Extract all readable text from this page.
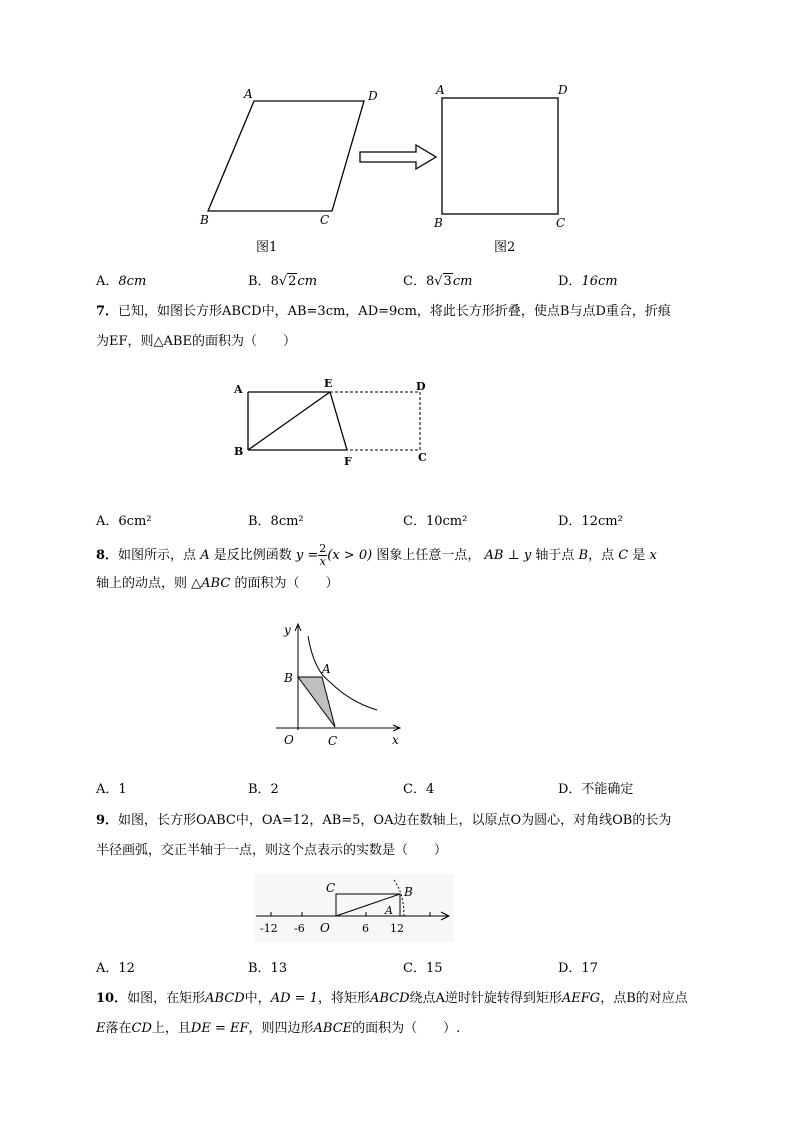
A	D
B	C
图1
A	D
B	C
图2
A．8cm	B．8√2cm	C．8√3cm	D．16cm
7．已知，如图长方形ABCD中，AB=3cm，AD=9cm，将此长方形折叠，使点B与点D重合，折痕
为EF，则△ABE的面积为（　　）
A	E	D
B
F	C
A．6cm²	B．8cm²	C．10cm²	D．12cm²
8．如图所示，点 A 是反比例函数 $y = \frac{2}{x} (x > 0)$ 图象上任意一点， AB ⊥ y 轴于点 B，点 C 是 x
轴上的动点，则 △ABC 的面积为（　　）
y
B
A
O	C	x
A．1	B．2	C．4	D．不能确定
9．如图，长方形OABC中，OA=12，AB=5，OA边在数轴上，以原点O为圆心，对角线OB的长为
半径画弧，交正半轴于一点，则这个点表示的实数是（　　）
C	B
A
O
-12 -6	6 12
A．12	B．13	C．15	D．17
10．如图，在矩形ABCD中，AD = 1，将矩形ABCD绕点A逆时针旋转得到矩形AEFG，点B的对应点
E落在CD上，且DE = EF，则四边形ABCE的面积为（　　）.
